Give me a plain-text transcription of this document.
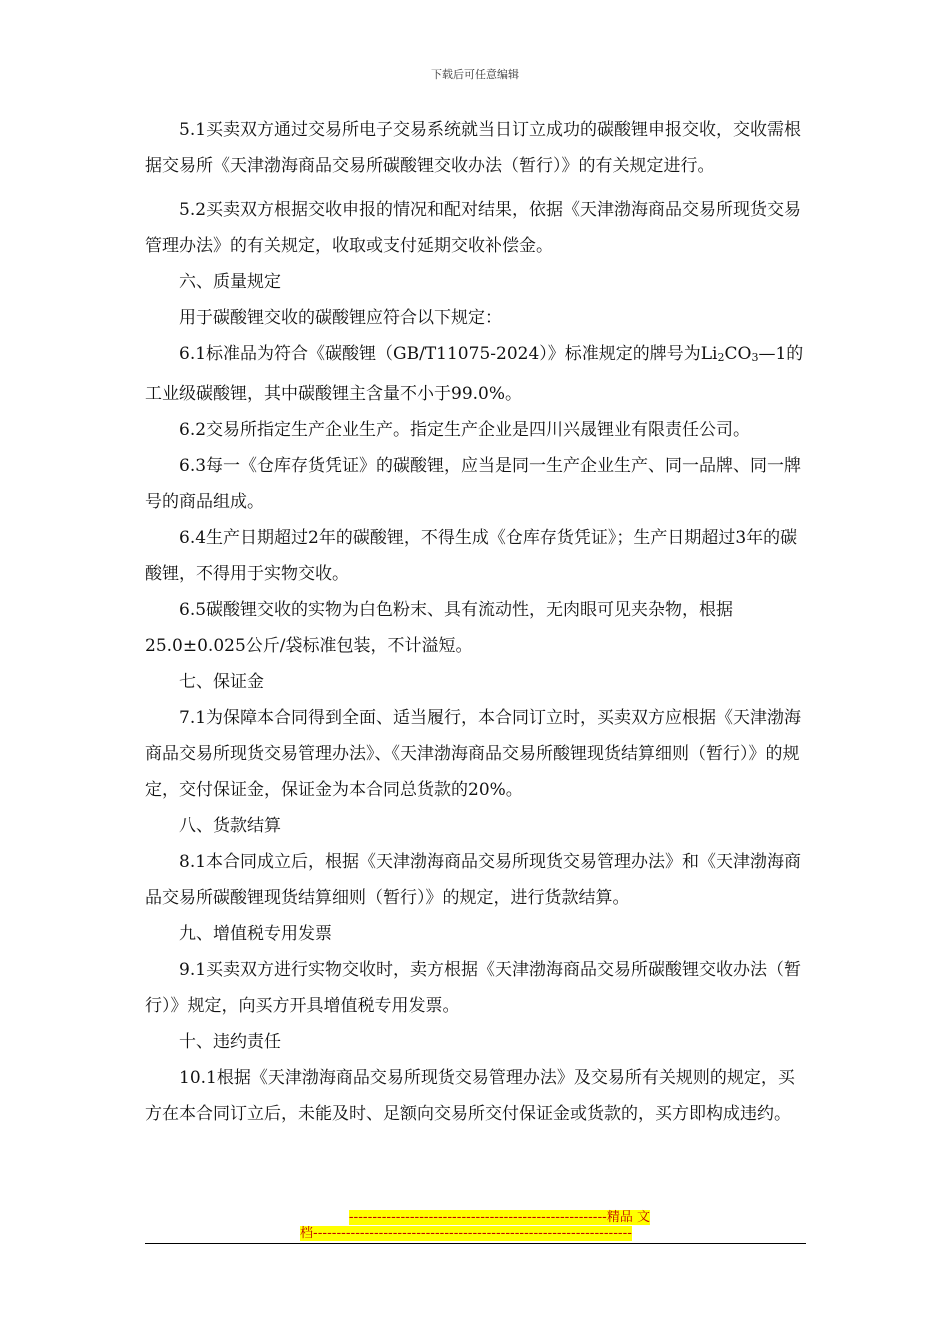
下载后可任意编辑

5.1买卖双方通过交易所电子交易系统就当日订立成功的碳酸锂申报交收，交收需根据交易所《天津渤海商品交易所碳酸锂交收办法（暂行）》的有关规定进行。

5.2买卖双方根据交收申报的情况和配对结果，依据《天津渤海商品交易所现货交易管理办法》的有关规定，收取或支付延期交收补偿金。

六、质量规定

用于碳酸锂交收的碳酸锂应符合以下规定：

6.1标准品为符合《碳酸锂（GB/T11075-2024）》标准规定的牌号为$Li_2CO_3—1$的工业级碳酸锂，其中碳酸锂主含量不小于99.0%。

6.2交易所指定生产企业生产。指定生产企业是四川兴晟锂业有限责任公司。

6.3每一《仓库存货凭证》的碳酸锂，应当是同一生产企业生产、同一品牌、同一牌号的商品组成。

6.4生产日期超过2年的碳酸锂，不得生成《仓库存货凭证》；生产日期超过3年的碳酸锂，不得用于实物交收。

6.5碳酸锂交收的实物为白色粉末、具有流动性，无肉眼可见夹杂物，根据25.0±0.025公斤/袋标准包装，不计溢短。

七、保证金

7.1为保障本合同得到全面、适当履行，本合同订立时，买卖双方应根据《天津渤海商品交易所现货交易管理办法》、《天津渤海商品交易所酸锂现货结算细则（暂行）》的规定，交付保证金，保证金为本合同总货款的20%。

八、货款结算

8.1本合同成立后，根据《天津渤海商品交易所现货交易管理办法》和《天津渤海商品交易所碳酸锂现货结算细则（暂行）》的规定，进行货款结算。

九、增值税专用发票

9.1买卖双方进行实物交收时，卖方根据《天津渤海商品交易所碳酸锂交收办法（暂行）》规定，向买方开具增值税专用发票。

十、违约责任

10.1根据《天津渤海商品交易所现货交易管理办法》及交易所有关规则的规定，买方在本合同订立后，未能及时、足额向交易所交付保证金或货款的，买方即构成违约。

-------------------------------------------------------精品 文
档--------------------------------------------------------------------
